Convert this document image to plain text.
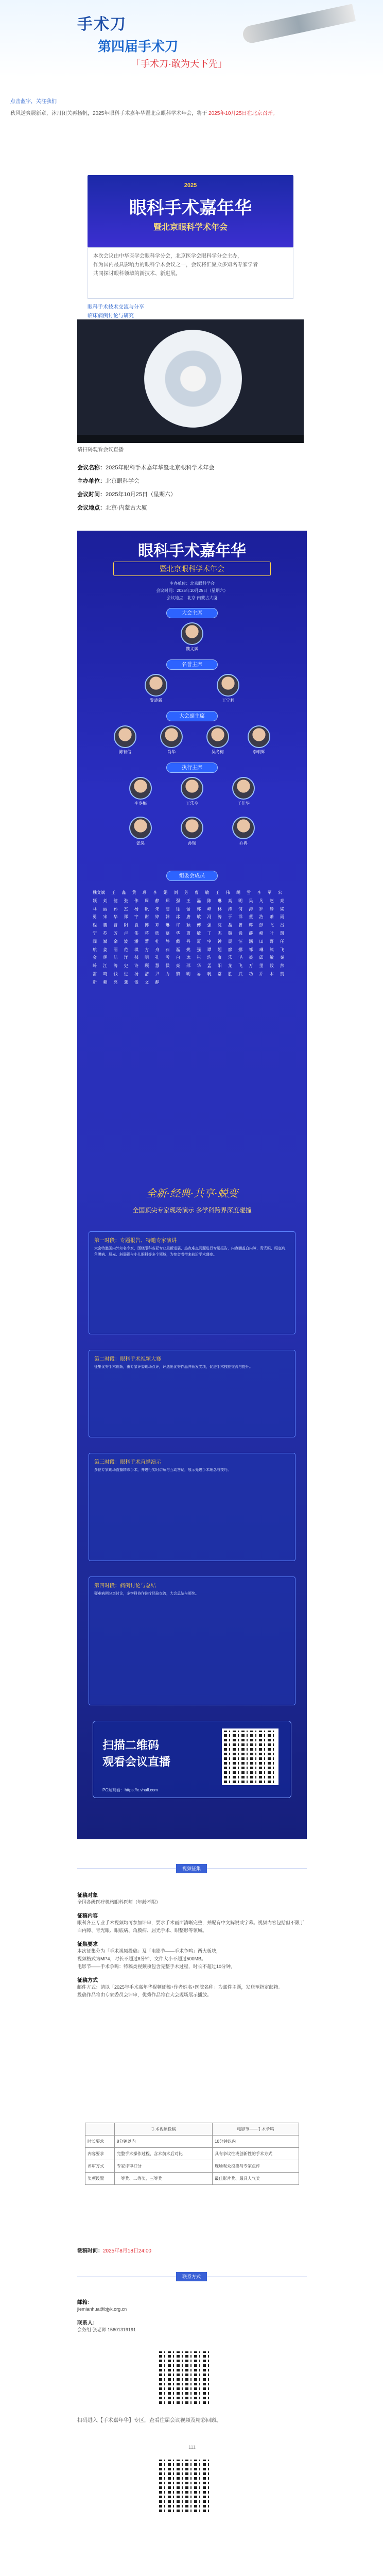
手术刀
第四届手术刀
「手术刀·敢为天下先」
点击蓝字，关注我们
秋风送爽展新章，沐月闭关再扬帆，2025年眼科手术嘉年华暨北京眼科学术年会，将于 2025年10月25日在北京召开。
2025
眼科手术嘉年华
暨北京眼科学术年会
本次会议由中华医学会眼科学分会，北京医学会眼科学分会主办，
作为国内最具影响力的眼科学术会议之一，会议将汇聚众多知名专家学者
共同探讨眼科领域的新技术、新进展。
眼科手术技术交流与分享
临床病例讨论与研究
请扫码观看会议直播
会议名称：2025年眼科手术嘉年华暨北京眼科学术年会
主办单位：北京眼科学会
会议时间：2025年10月25日（星期六）
会议地点：北京·内蒙古大厦
眼科手术嘉年华
暨北京眼科学术年会
主办单位：北京眼科学会
会议时间：2025年10月25日（星期六）
会议地点：北京·内蒙古大厦
大会主席
魏文斌
名誉主席
黎晓新	王宁利
大会副主席
陈有信	肖华	吴冬梅	李朝辉
执行主席
李冬梅	王乐今	王佳华
张昊	孙瑞	乔冉
组委会成员
魏文斌 王 鑫 黄 珊 李 娟 刘 芳 曹 敏 王 伟 胡 雪 李 军 宋 颖 刘 健 张 伟 周 静 郑 强 王 磊 陈 琳 高 明 吴 凡 赵 亮 马 丽 孙 杰 杨 帆 朱 洁 徐 蕾 郭 峰 林 涛 何 涛 罗 静 梁 勇 宋 华 郑 宇 谢 婷 韩 冰 唐 敏 冯 涛 于 洋 董 浩 萧 雨 程 鹏 曹 阳 袁 博 邓 琳 许 颖 傅 强 沈 磊 曾 辉 彭 飞 吕 宁 苏 芳 卢 伟 蒋 欣 蔡 华 贾 敏 丁 杰 魏 嵩 薛 峰 叶 凯 阎 斌 余 波 潘 蕾 杜 静 戴 丹 夏 宇 钟 晨 汪 涵 田 野 任 航 姜 丽 范 琪 方 舟 石 磊 姚 强 谭 超 廖 娜 邹 琳 熊 飞 金 辉 陆 洋 郝 明 孔 雪 白 冰 崔 浩 康 乐 毛 毅 邱 敏 秦 岭 江 涛 史 诗 顾 慧 侯 亮 邵 华 孟 阳 龙 飞 万 里 段 然 雷 鸣 钱 进 汤 洁 尹 力 黎 明 易 帆 常 胜 武 功 乔 木 贺 新 赖 亮 龚 俊 文 静
全新·经典·共享·蜕变
全国顶尖专家现场演示 多学科跨界深度碰撞
第一时段：专题报告、特邀专家演讲
大会特邀国内外知名专家，围绕眼科各亚专业最新进展、热点难点问题进行专题报告，内容涵盖白内障、青光眼、眼底病、角膜病、屈光、斜弱视与小儿眼科等多个领域，为参会者带来前沿学术盛宴。
第二时段：眼科手术视频大赛
征集优秀手术视频，由专家评委现场点评，评选出优秀作品并颁发奖项，促进手术技能交流与提升。
第三时段：眼科手术直播演示
多位专家现场直播精彩手术，并进行实时讲解与互动答疑，展示先进手术理念与技巧。
第四时段：病例讨论与总结
疑难病例分享讨论，多学科协作诊疗经验交流，大会总结与颁奖。
扫描二维码
观看会议直播
PC端观看：https://e.vhall.com
视频征集
征稿对象
全国各级医疗机构眼科医师（年龄不限）
征稿内容
眼科各亚专业手术视频均可参加评审，要求手术画面清晰完整，并配有中文解说或字幕。视频内容包括但不限于白内障、青光眼、眼底病、角膜病、屈光手术、眼整形等领域。
征集要求
本次征集分为「手术视频投稿」及「电影节——手术争鸣」两大板块，
视频格式为MP4，时长不超过8分钟，文件大小不超过500MB。
电影节——手术争鸣：特稿类视频须包含完整手术过程，时长不超过10分钟。
征稿方式
邮件方式：请以「2025年手术嘉年华视频征稿+作者姓名+医院名称」为邮件主题，发送至指定邮箱。
投稿作品将由专家委员会评审，优秀作品将在大会现场展示播放。
	手术视频投稿	电影节——手术争鸣
时长要求	8分钟以内	10分钟以内
内容要求	完整手术操作过程，含术前术后对比	具有争议性或创新性的手术方式
评审方式	专家评审打分	现场观众投票与专家点评
奖项设置	一等奖、二等奖、三等奖	最佳影片奖、最具人气奖
截稿时间：2025年8月18日24:00
联系方式
邮箱：
jiemianhua@bjyk.org.cn
联系人：
会务组 张老师 15601319191
扫码进入【手术嘉年华】专区，查看往届会议视频及精彩回顾。
111
